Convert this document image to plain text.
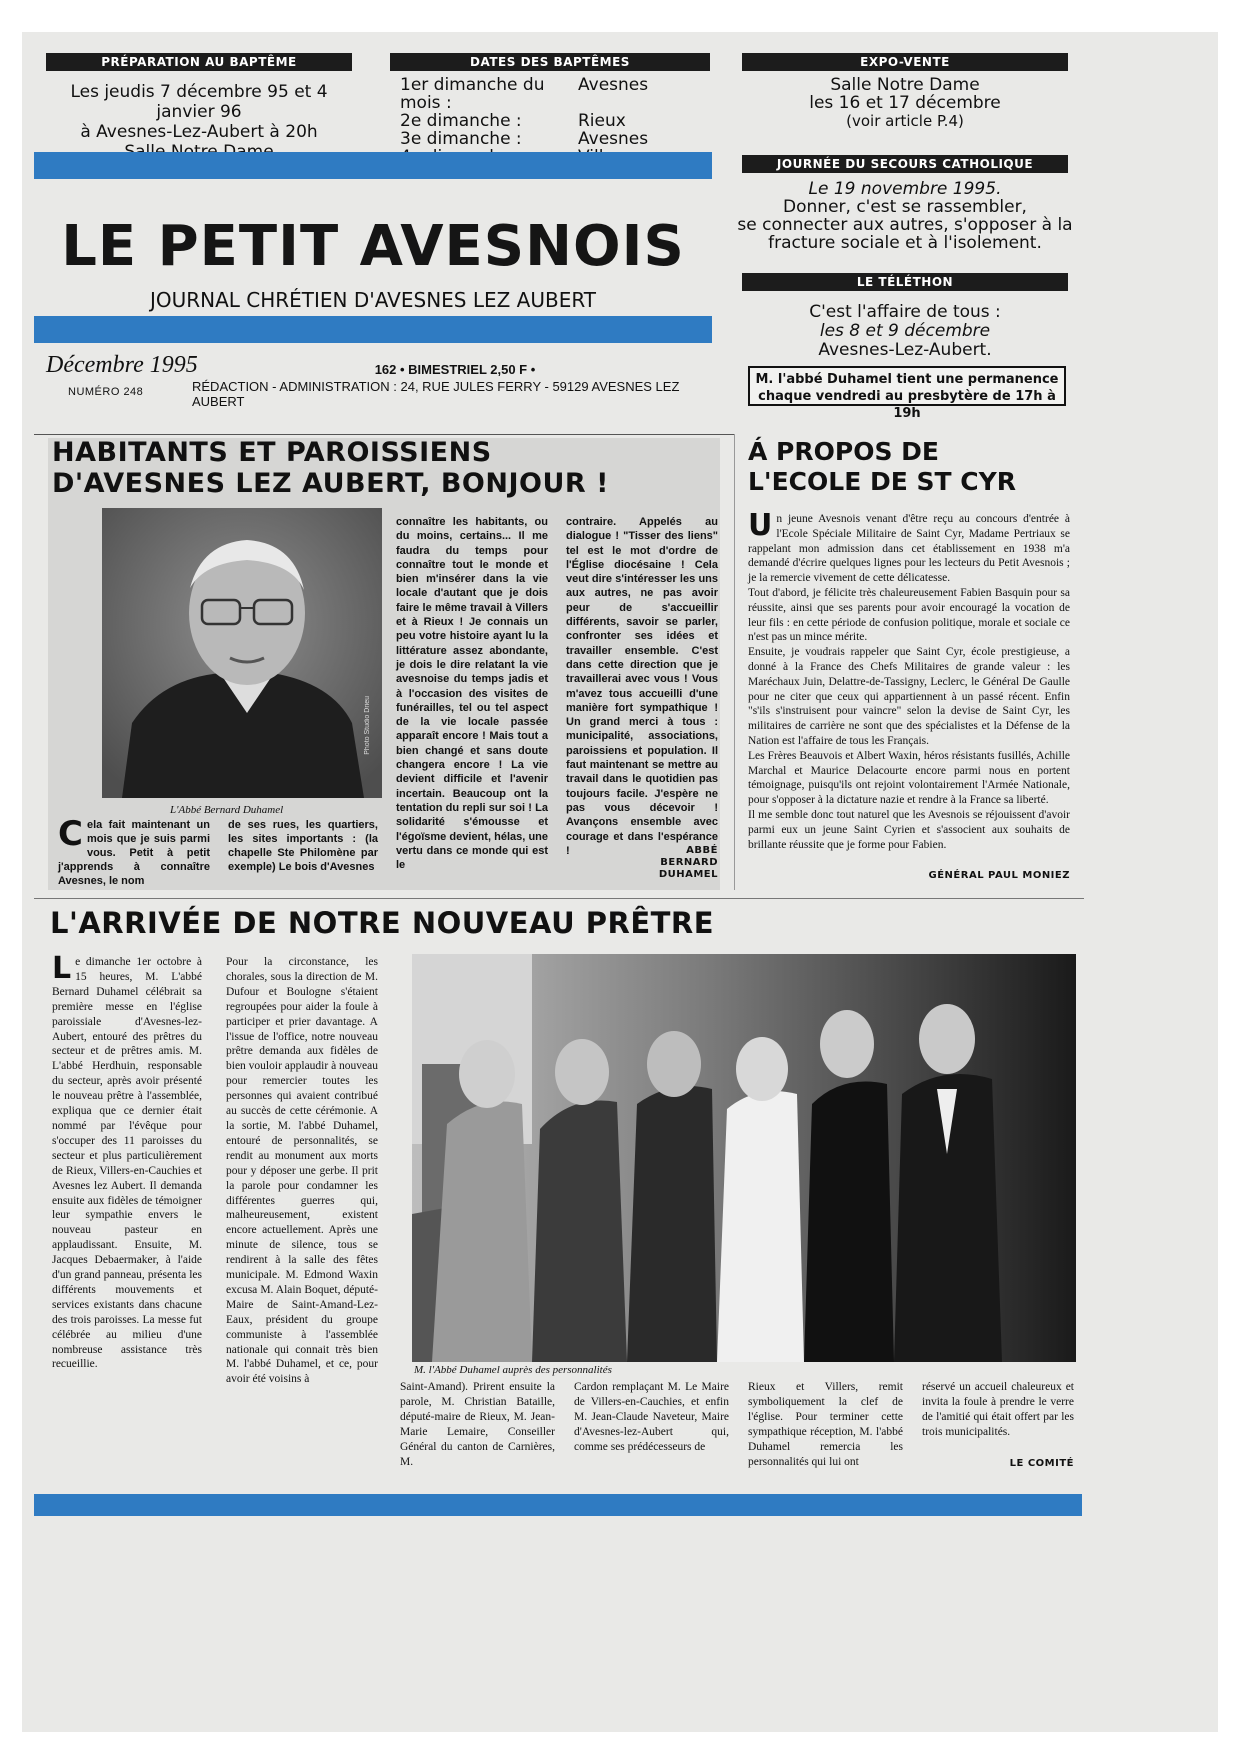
PRÉPARATION AU BAPTÊME
Les jeudis 7 décembre 95 et 4 janvier 96
à Avesnes-Lez-Aubert à 20h
DATES DES BAPTÊMES
1er dimanche du mois :
Avesnes
2e dimanche :	Rieux
3e dimanche :	Avesnes
EXPO-VENTE
Salle Notre Dame
les 16 et 17 décembre
(voir article P.4)
JOURNÉE DU SECOURS CATHOLIQUE
Le 19 novembre 1995.
Donner, c'est se rassembler,
se connecter aux autres, s'opposer à la
fracture sociale et à l'isolement.
LE TÉLÉTHON
C'est l'affaire de tous :
les 8 et 9 décembre
Avesnes-Lez-Aubert.
M. l'abbé Duhamel tient une permanence
chaque vendredi au presbytère de 17h à 19h
LE PETIT AVESNOIS
JOURNAL CHRÉTIEN D'AVESNES LEZ AUBERT
Décembre 1995
NUMÉRO 248
162 • BIMESTRIEL 2,50 F •
RÉDACTION - ADMINISTRATION : 24, RUE JULES FERRY - 59129 AVESNES LEZ AUBERT
HABITANTS ET PAROISSIENS
D'AVESNES LEZ AUBERT, BONJOUR !
Photo Studio Drieu
L'Abbé Bernard Duhamel
Cela fait maintenant un mois que je suis parmi vous. Petit à petit j'apprends à connaître Avesnes, le nom
de ses rues, les quartiers, les sites importants : (la chapelle Ste Philomène par exemple) Le bois d'Avesnes
connaître les habitants, ou du moins, certains... Il me faudra du temps pour connaître tout le monde et bien m'insérer dans la vie locale d'autant que je dois faire le même travail à Villers et à Rieux ! Je connais un peu votre histoire ayant lu la littérature assez abondante, je dois le dire relatant la vie avesnoise du temps jadis et à l'occasion des visites de funérailles, tel ou tel aspect de la vie locale passée apparaît encore ! Mais tout a bien changé et sans doute changera encore ! La vie devient difficile et l'avenir incertain. Beaucoup ont la tentation du repli sur soi ! La solidarité s'émousse et l'égoïsme devient, hélas, une vertu dans ce monde qui est le
contraire. Appelés au dialogue ! "Tisser des liens" tel est le mot d'ordre de l'Église diocésaine ! Cela veut dire s'intéresser les uns aux autres, ne pas avoir peur de s'accueillir différents, savoir se parler, confronter ses idées et travailler ensemble. C'est dans cette direction que je travaillerai avec vous ! Vous m'avez tous accueilli d'une manière fort sympathique ! Un grand merci à tous : municipalité, associations, paroissiens et population. Il faut maintenant se mettre au travail dans le quotidien pas toujours facile. J'espère ne pas vous décevoir ! Avançons ensemble avec courage et dans l'espérance !	ABBÉ
BERNARD DUHAMEL
Á PROPOS DE
L'ECOLE DE ST CYR

Un jeune Avesnois venant d'être reçu au concours d'entrée à l'Ecole Spéciale Militaire de Saint Cyr, Madame Pertriaux se rappelant mon admission dans cet établissement en 1938 m'a demandé d'écrire quelques lignes pour les lecteurs du Petit Avesnois ; je la remercie vivement de cette délicatesse.

Tout d'abord, je félicite très chaleureusement Fabien Basquin pour sa réussite, ainsi que ses parents pour avoir encouragé la vocation de leur fils : en cette période de confusion politique, morale et sociale ce n'est pas un mince mérite.

Ensuite, je voudrais rappeler que Saint Cyr, école prestigieuse, a donné à la France des Chefs Militaires de grande valeur : les Maréchaux Juin, Delattre-de-Tassigny, Leclerc, le Général De Gaulle pour ne citer que ceux qui appartiennent à un passé récent. Enfin "s'ils s'instruisent pour vaincre" selon la devise de Saint Cyr, les militaires de carrière ne sont que des spécialistes et la Défense de la Nation est l'affaire de tous les Français.

Les Frères Beauvois et Albert Waxin, héros résistants fusillés, Achille Marchal et Maurice Delacourte encore parmi nous en portent témoignage, puisqu'ils ont rejoint volontairement l'Armée Nationale, pour s'opposer à la dictature nazie et rendre à la France sa liberté.

Il me semble donc tout naturel que les Avesnois se réjouissent d'avoir parmi eux un jeune Saint Cyrien et s'associent aux souhaits de brillante réussite que je forme pour Fabien.

GÉNÉRAL PAUL MONIEZ
L'ARRIVÉE DE NOTRE NOUVEAU PRÊTRE
Le dimanche 1er octobre à 15 heures, M. L'abbé Bernard Duhamel célébrait sa première messe en l'église paroissiale d'Avesnes-lez-Aubert, entouré des prêtres du secteur et de prêtres amis. M. L'abbé Herdhuin, responsable du secteur, après avoir présenté le nouveau prêtre à l'assemblée, expliqua que ce dernier était nommé par l'évêque pour s'occuper des 11 paroisses du secteur et plus particulièrement de Rieux, Villers-en-Cauchies et Avesnes lez Aubert. Il demanda ensuite aux fidèles de témoigner leur sympathie envers le nouveau pasteur en applaudissant. Ensuite, M. Jacques Debaermaker, à l'aide d'un grand panneau, présenta les différents mouvements et services existants dans chacune des trois paroisses. La messe fut célébrée au milieu d'une nombreuse assistance très recueillie.
Pour la circonstance, les chorales, sous la direction de M. Dufour et Boulogne s'étaient regroupées pour aider la foule à participer et prier davantage. A l'issue de l'office, notre nouveau prêtre demanda aux fidèles de bien vouloir applaudir à nouveau pour remercier toutes les personnes qui avaient contribué au succès de cette cérémonie. A la sortie, M. l'abbé Duhamel, entouré de personnalités, se rendit au monument aux morts pour y déposer une gerbe. Il prit la parole pour condamner les différentes guerres qui, malheureusement, existent encore actuellement. Après une minute de silence, tous se rendirent à la salle des fêtes municipale. M. Edmond Waxin excusa M. Alain Boquet, député-Maire de Saint-Amand-Lez-Eaux, président du groupe communiste à l'assemblée nationale qui connait très bien M. l'abbé Duhamel, et ce, pour avoir été voisins à
M. l'Abbé Duhamel auprès des personnalités
Saint-Amand). Prirent ensuite la parole, M. Christian Bataille, député-maire de Rieux, M. Jean-Marie Lemaire, Conseiller Général du canton de Carnières, M.
Cardon remplaçant M. Le Maire de Villers-en-Cauchies, et enfin M. Jean-Claude Naveteur, Maire d'Avesnes-lez-Aubert qui, comme ses prédécesseurs de
Rieux et Villers, remit symboliquement la clef de l'église. Pour terminer cette sympathique réception, M. l'abbé Duhamel remercia les personnalités qui lui ont
réservé un accueil chaleureux et invita la foule à prendre le verre de l'amitié qui était offert par les trois municipalités.
LE COMITÉ
